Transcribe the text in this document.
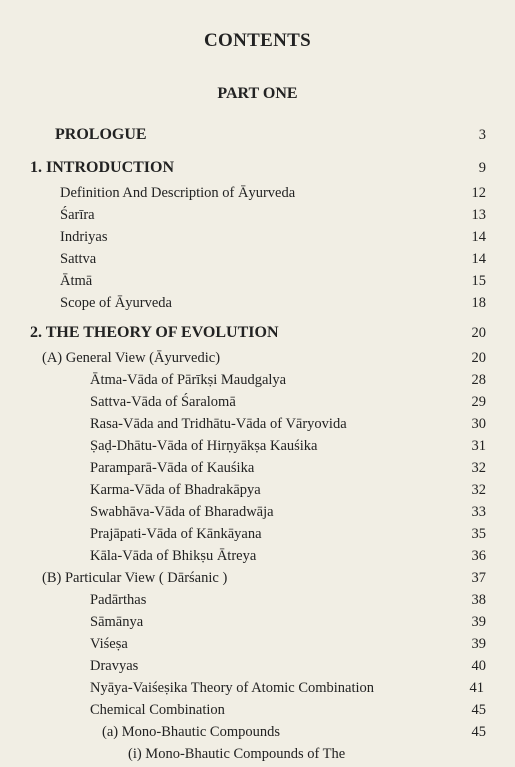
CONTENTS
PART ONE
PROLOGUE	3
1. INTRODUCTION	9
Definition And Description of Āyurveda	12
Śarīra	13
Indriyas	14
Sattva	14
Ātmā	15
Scope of Āyurveda	18
2. THE THEORY OF EVOLUTION	20
(A) General View (Āyurvedic)	20
Ātma-Vāda of Pārīkṣi Maudgalya	28
Sattva-Vāda of Śaralomā	29
Rasa-Vāda and Tridhātu-Vāda of Vāryovida	30
Ṣaḍ-Dhātu-Vāda of Hirṇyākṣa Kauśika	31
Paramparā-Vāda of Kauśika	32
Karma-Vāda of Bhadrakāpya	32
Swabhāva-Vāda of Bharadwāja	33
Prajāpati-Vāda of Kānkāyana	35
Kāla-Vāda of Bhikṣu Ātreya	36
(B) Particular View ( Dārśanic )	37
Padārthas	38
Sāmānya	39
Viśeṣa	39
Dravyas	40
Nyāya-Vaiśeṣika Theory of Atomic Combination	41
Chemical Combination	45
(a) Mono-Bhautic Compounds	45
(i) Mono-Bhautic Compounds of The
